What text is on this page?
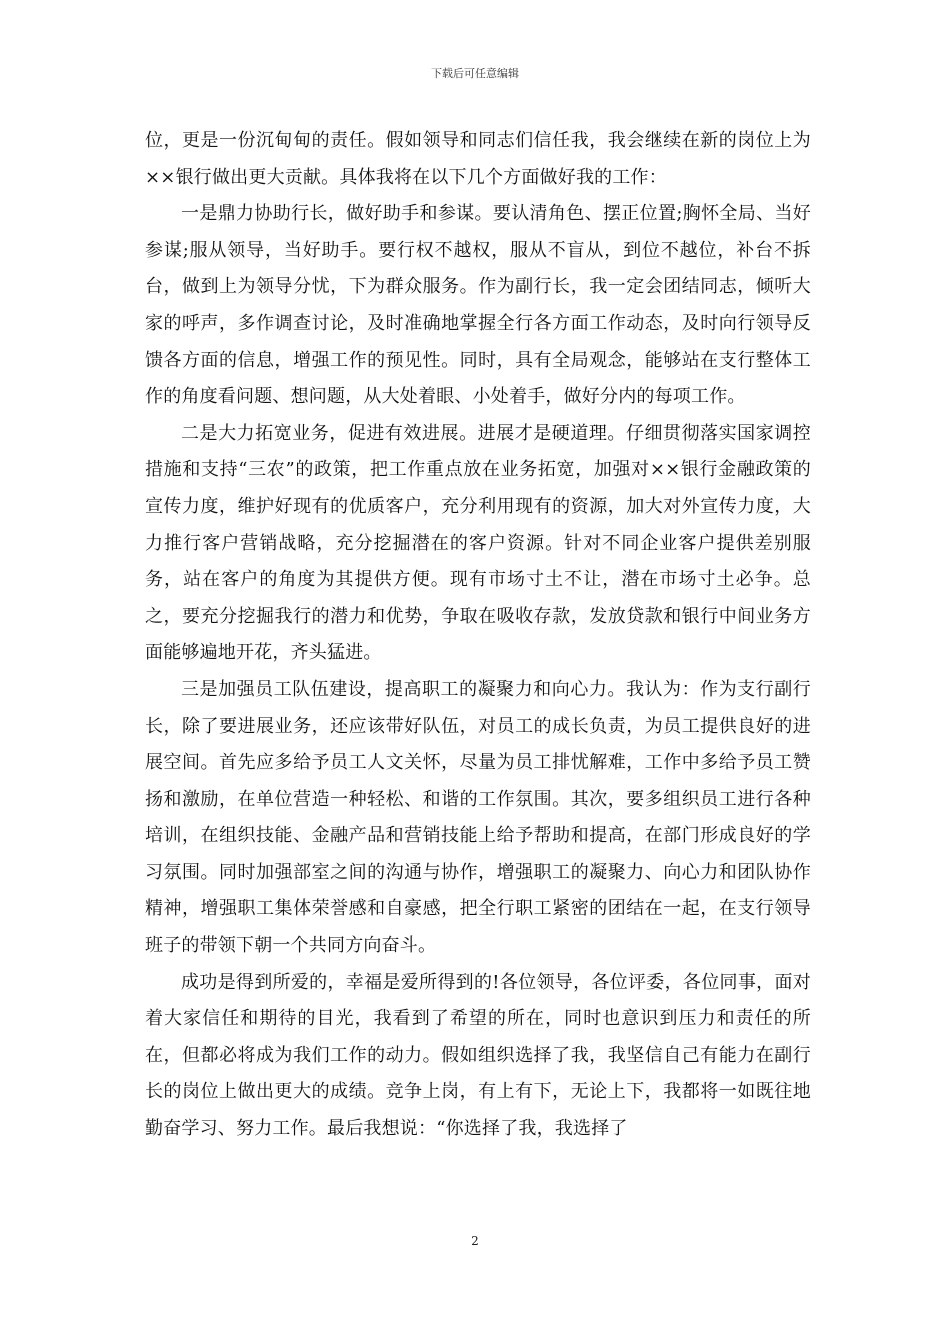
下载后可任意编辑

位，更是一份沉甸甸的责任。假如领导和同志们信任我，我会继续在新的岗位上为××银行做出更大贡献。具体我将在以下几个方面做好我的工作：

一是鼎力协助行长，做好助手和参谋。要认清角色、摆正位置;胸怀全局、当好参谋;服从领导，当好助手。要行权不越权，服从不盲从，到位不越位，补台不拆台，做到上为领导分忧，下为群众服务。作为副行长，我一定会团结同志，倾听大家的呼声，多作调查讨论，及时准确地掌握全行各方面工作动态，及时向行领导反馈各方面的信息，增强工作的预见性。同时，具有全局观念，能够站在支行整体工作的角度看问题、想问题，从大处着眼、小处着手，做好分内的每项工作。

二是大力拓宽业务，促进有效进展。进展才是硬道理。仔细贯彻落实国家调控措施和支持“三农”的政策，把工作重点放在业务拓宽，加强对××银行金融政策的宣传力度，维护好现有的优质客户，充分利用现有的资源，加大对外宣传力度，大力推行客户营销战略，充分挖掘潜在的客户资源。针对不同企业客户提供差别服务，站在客户的角度为其提供方便。现有市场寸土不让，潜在市场寸土必争。总之，要充分挖掘我行的潜力和优势，争取在吸收存款，发放贷款和银行中间业务方面能够遍地开花，齐头猛进。

三是加强员工队伍建设，提高职工的凝聚力和向心力。我认为：作为支行副行长，除了要进展业务，还应该带好队伍，对员工的成长负责，为员工提供良好的进展空间。首先应多给予员工人文关怀，尽量为员工排忧解难，工作中多给予员工赞扬和激励，在单位营造一种轻松、和谐的工作氛围。其次，要多组织员工进行各种培训，在组织技能、金融产品和营销技能上给予帮助和提高，在部门形成良好的学习氛围。同时加强部室之间的沟通与协作，增强职工的凝聚力、向心力和团队协作精神，增强职工集体荣誉感和自豪感，把全行职工紧密的团结在一起，在支行领导班子的带领下朝一个共同方向奋斗。

成功是得到所爱的，幸福是爱所得到的!各位领导，各位评委，各位同事，面对着大家信任和期待的目光，我看到了希望的所在，同时也意识到压力和责任的所在，但都必将成为我们工作的动力。假如组织选择了我，我坚信自己有能力在副行长的岗位上做出更大的成绩。竞争上岗，有上有下，无论上下，我都将一如既往地勤奋学习、努力工作。最后我想说：“你选择了我，我选择了

2
